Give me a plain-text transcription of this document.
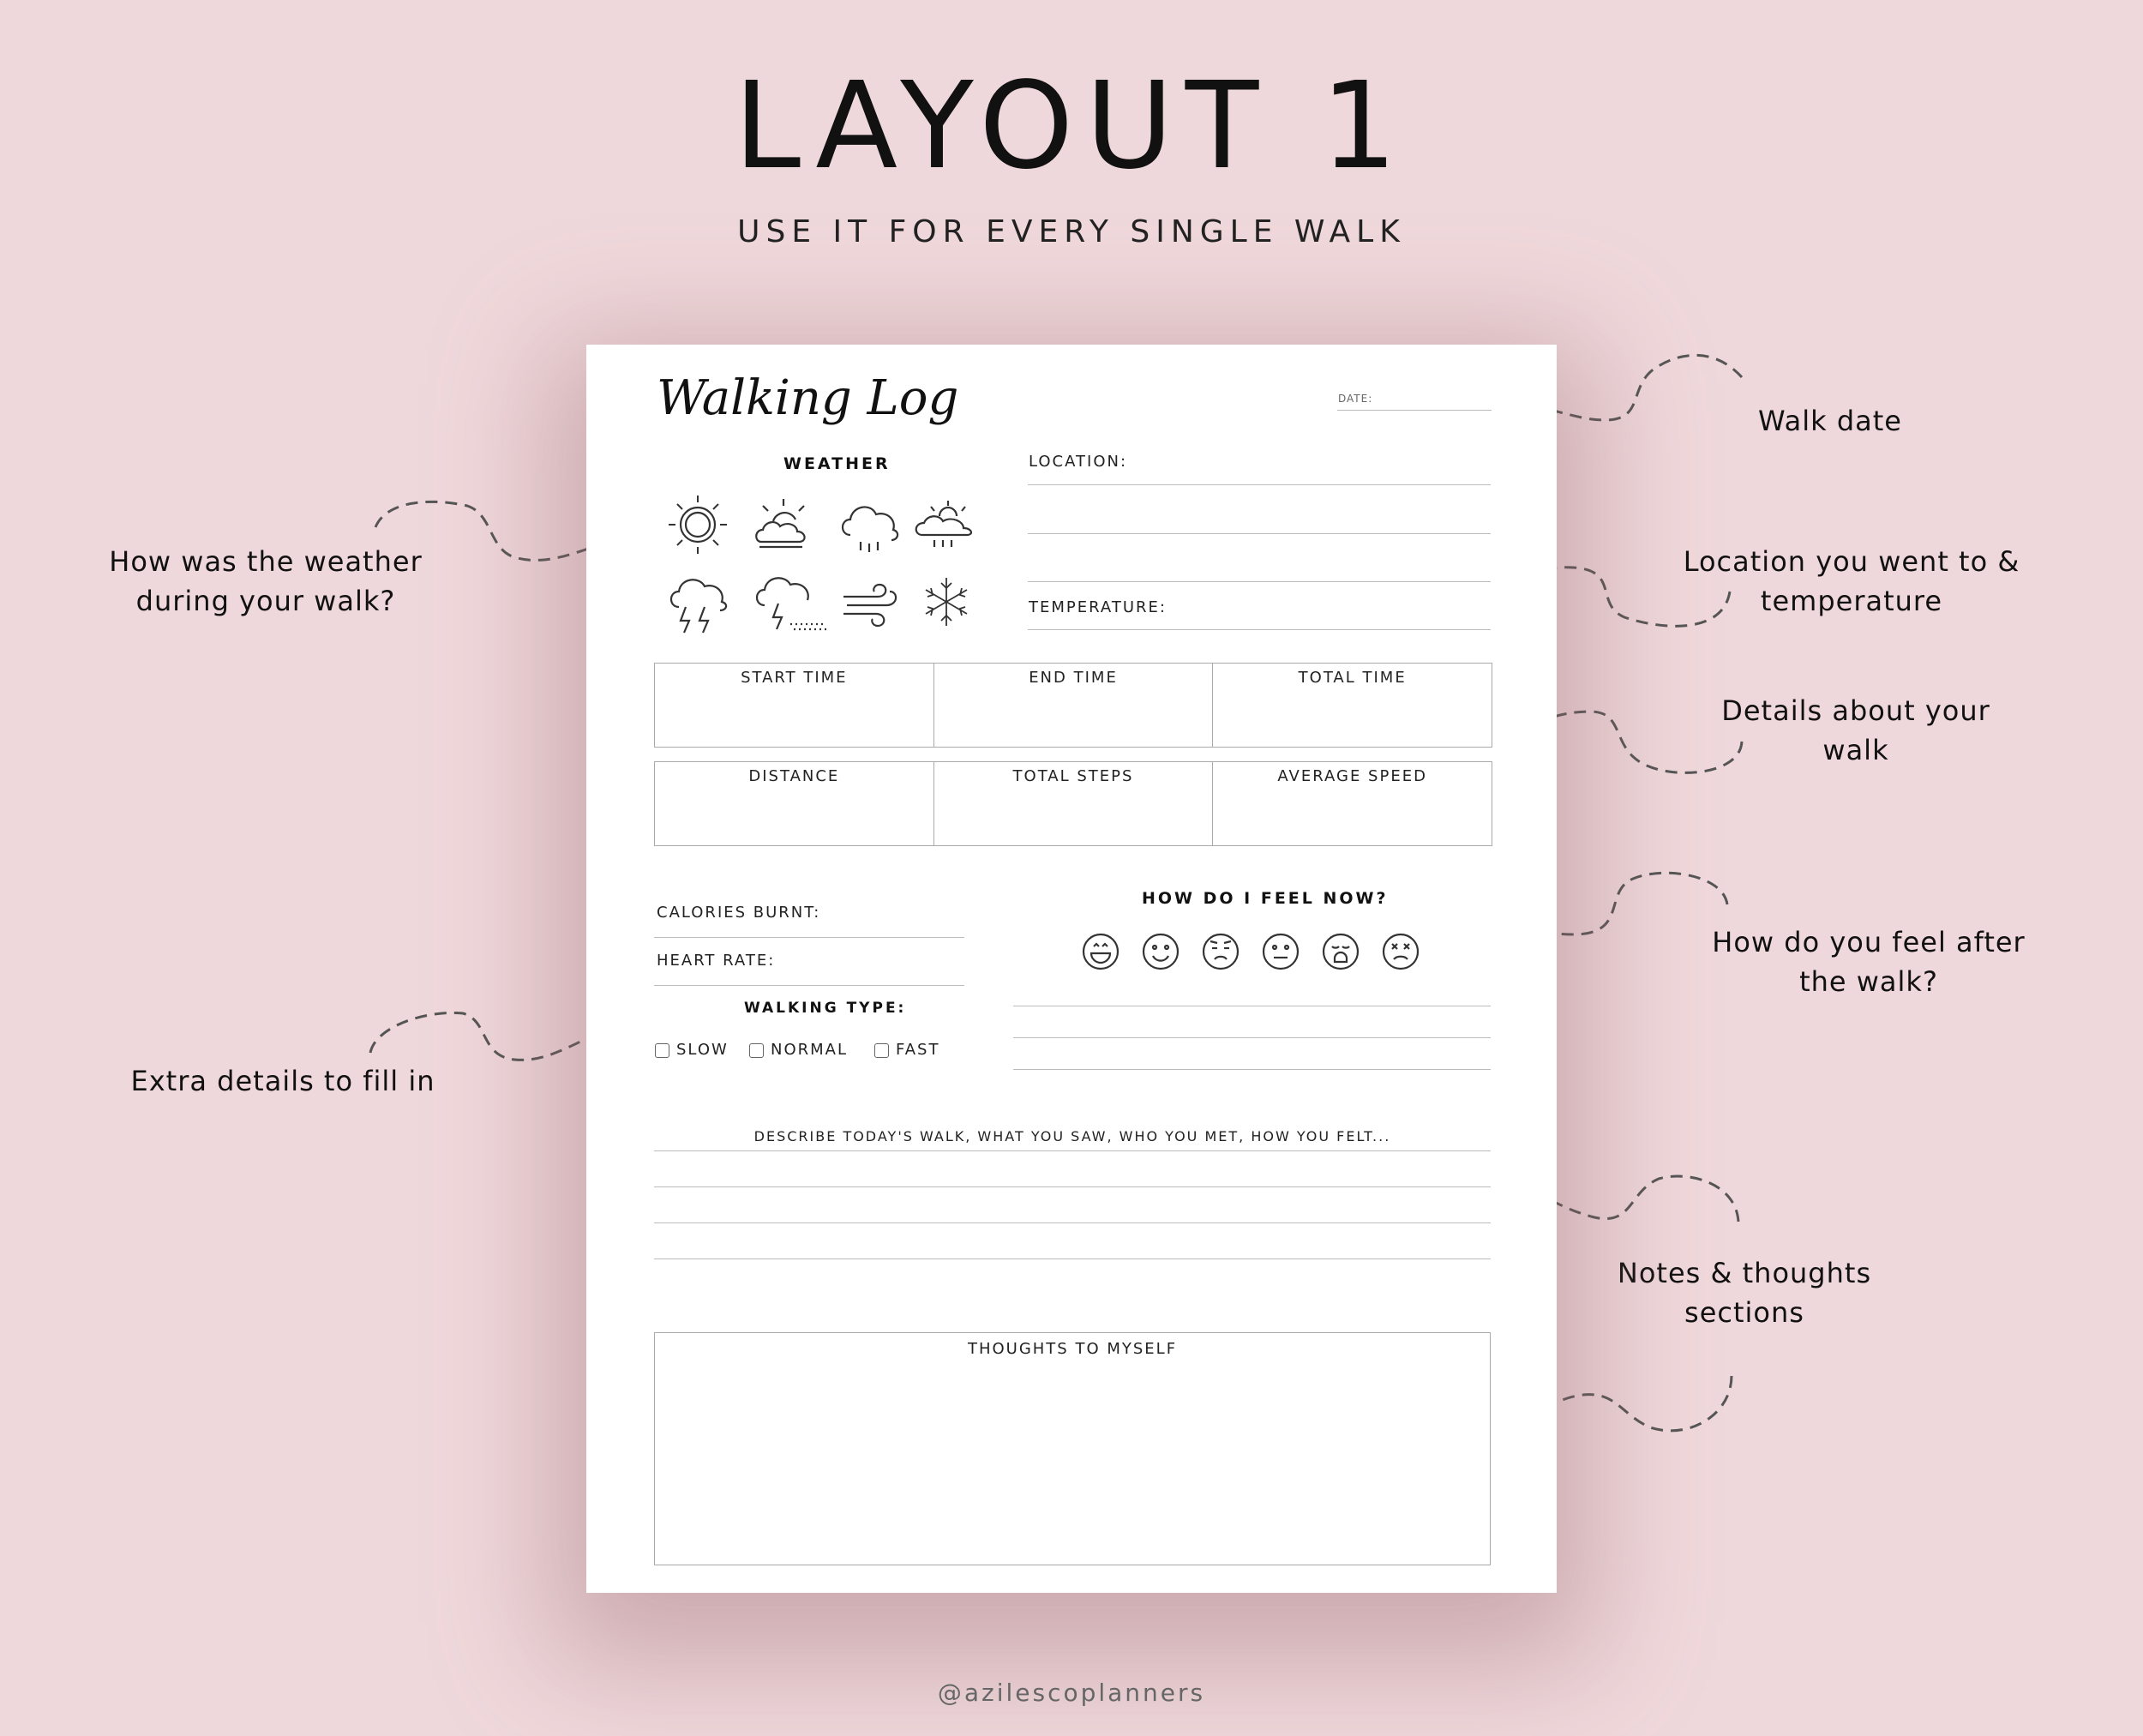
LAYOUT 1
USE IT FOR EVERY SINGLE WALK
Walk date
How was the weather
during your walk?
Location you went to &
temperature
Details about your
walk
How do you feel after
the walk?
Extra details to fill in
Notes & thoughts sections
Walking Log	DATE:
WEATHER	LOCATION:
TEMPERATURE:
START TIME	END TIME	TOTAL TIME
DISTANCE	TOTAL STEPS	AVERAGE SPEED
CALORIES BURNT:
HEART RATE:
WALKING TYPE:
SLOW	NORMAL	FAST
HOW DO I FEEL NOW?
DESCRIBE TODAY'S WALK, WHAT YOU SAW, WHO YOU MET, HOW YOU FELT...
THOUGHTS TO MYSELF
@azilescoplanners
